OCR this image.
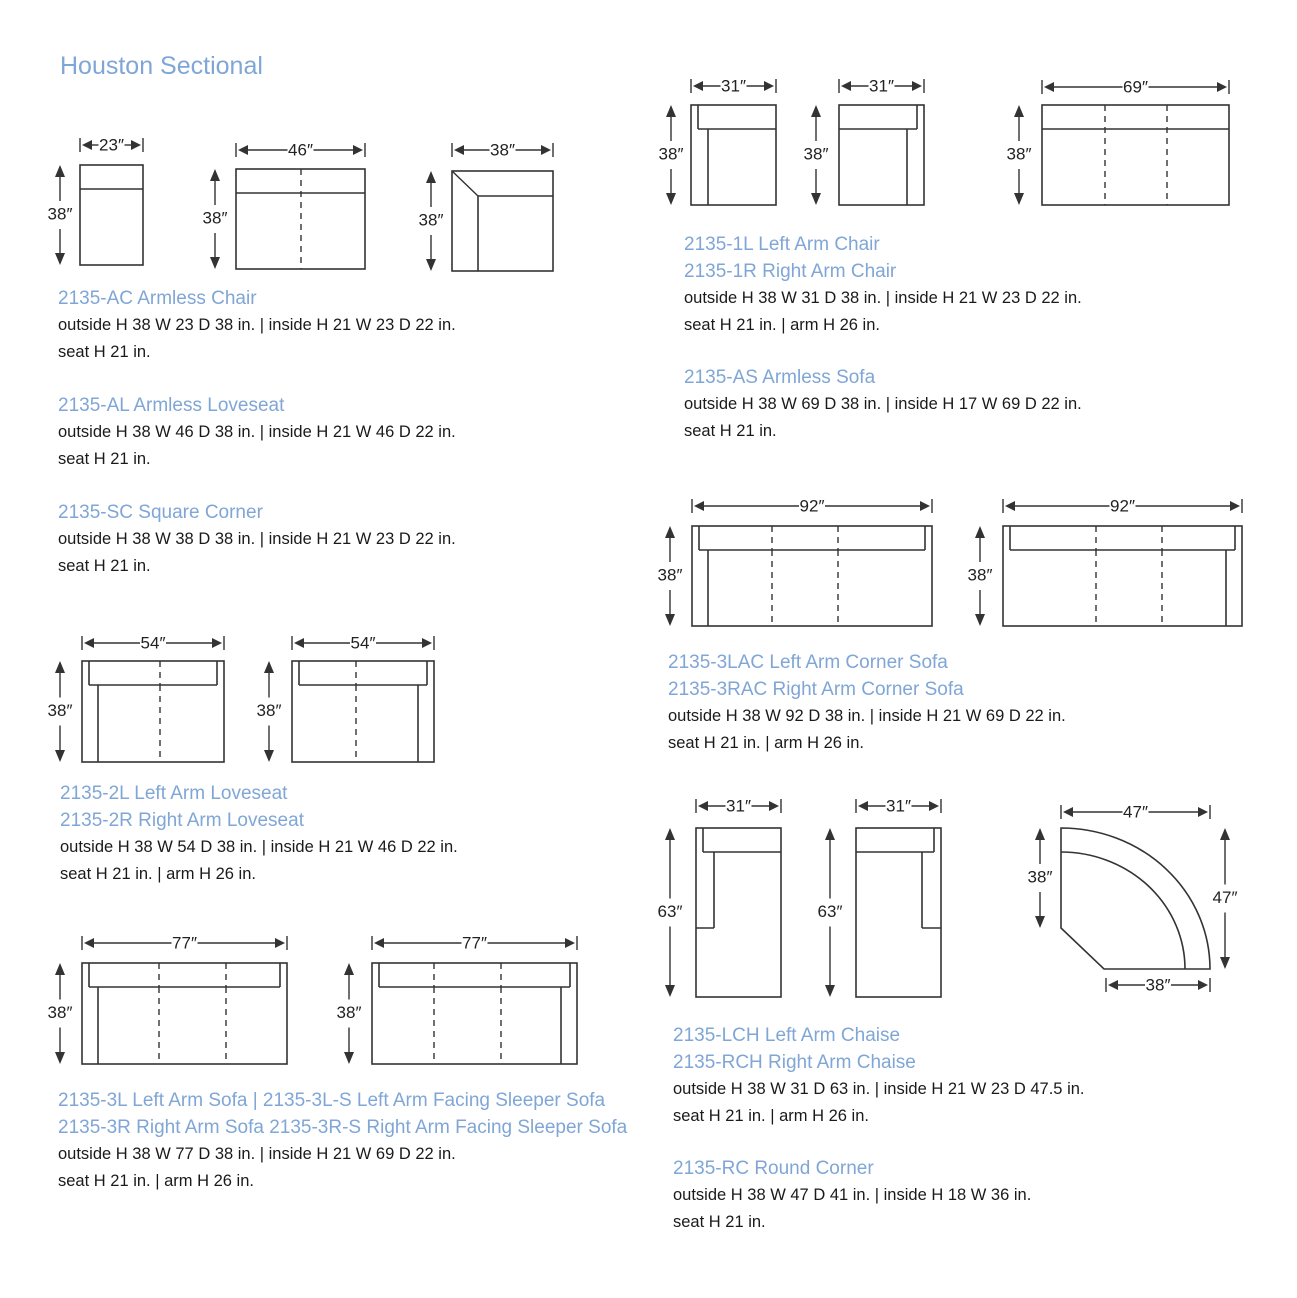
Houston Sectional
2135-AC Armless Chair
outside H 38 W 23 D 38 in. | inside H 21 W 23 D 22 in.
seat H 21 in.
2135-AL Armless Loveseat
outside H 38 W 46 D 38 in. | inside H 21 W 46 D 22 in.
seat H 21 in.
2135-SC Square Corner
outside H 38 W 38 D 38 in. | inside H 21 W 23 D 22 in.
seat H 21 in.
2135-1L Left Arm Chair
2135-1R Right Arm Chair
outside H 38 W 31 D 38 in. | inside H 21 W 23 D 22 in.
seat H 21 in. | arm H 26 in.
2135-AS Armless Sofa
outside H 38 W 69 D 38 in. | inside H 17 W 69 D 22 in.
seat H 21 in.
2135-3LAC Left Arm Corner Sofa
2135-3RAC Right Arm Corner Sofa
outside H 38 W 92 D 38 in. | inside H 21 W 69 D 22 in.
seat H 21 in. | arm H 26 in.
2135-2L Left Arm Loveseat
2135-2R Right Arm Loveseat
outside H 38 W 54 D 38 in. | inside H 21 W 46 D 22 in.
seat H 21 in. | arm H 26 in.
2135-LCH Left Arm Chaise
2135-RCH Right Arm Chaise
outside H 38 W 31 D 63 in. | inside H 21 W 23 D 47.5 in.
seat H 21 in. | arm H 26 in.
2135-RC Round Corner
outside H 38 W 47 D 41 in. | inside H 18 W 36 in.
seat H 21 in.
2135-3L Left Arm Sofa | 2135-3L-S Left Arm Facing Sleeper Sofa
2135-3R Right Arm Sofa 2135-3R-S Right Arm Facing Sleeper Sofa
outside H 38 W 77 D 38 in. | inside H 21 W 69 D 22 in.
seat H 21 in. | arm H 26 in.
23″
38″
46″
38″
38″
38″
31″
38″
31″
38″
69″
38″
92″
38″
92″
38″
54″
38″
54″
38″
77″
38″
77″
38″
31″
63″
31″
63″
47″
38″
47″
38″
